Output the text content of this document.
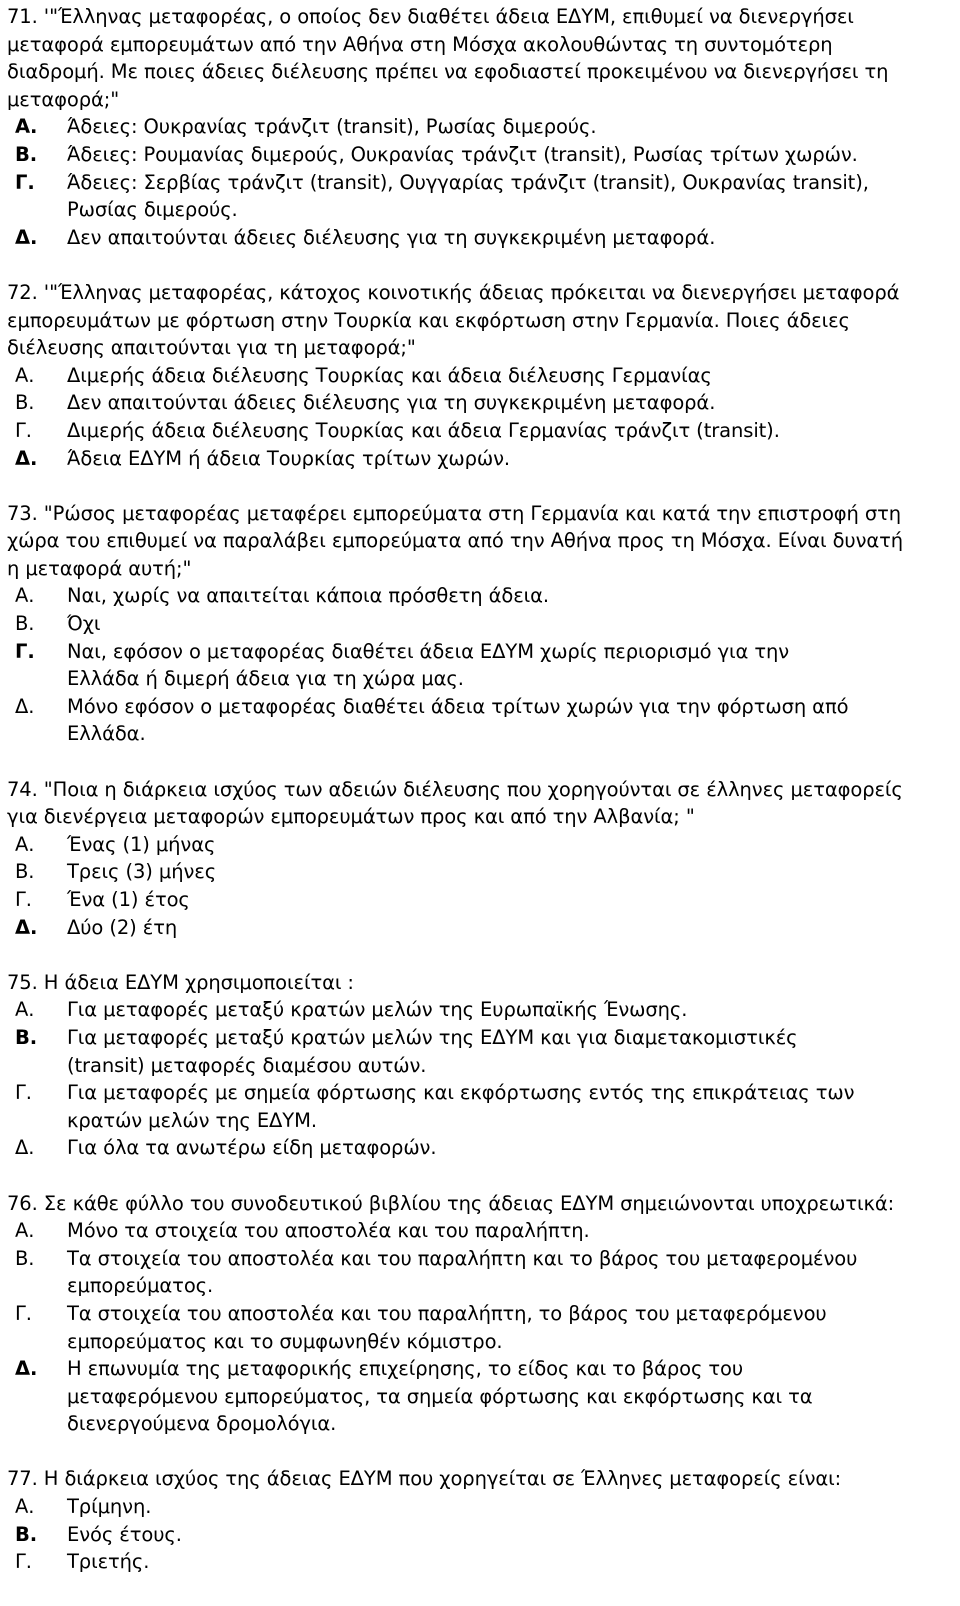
71. '"Έλληνας μεταφορέας, ο οποίος δεν διαθέτει άδεια ΕΔΥΜ, επιθυμεί να διενεργήσει
μεταφορά εμπορευμάτων από την Αθήνα στη Μόσχα ακολουθώντας τη συντομότερη
διαδρομή. Με ποιες άδειες διέλευσης πρέπει να εφοδιαστεί προκειμένου να διενεργήσει τη
μεταφορά;"

Α.	Άδειες: Ουκρανίας τράνζιτ (transit), Ρωσίας διμερούς.
Β.	Άδειες: Ρουμανίας διμερούς, Ουκρανίας τράνζιτ (transit), Ρωσίας τρίτων χωρών.
Γ.	Άδειες: Σερβίας τράνζιτ (transit), Ουγγαρίας τράνζιτ (transit), Ουκρανίας transit),
Ρωσίας διμερούς.
Δ.	Δεν απαιτούνται άδειες διέλευσης για τη συγκεκριμένη μεταφορά.

72. '"Έλληνας μεταφορέας, κάτοχος κοινοτικής άδειας πρόκειται να διενεργήσει μεταφορά
εμπορευμάτων με φόρτωση στην Τουρκία και εκφόρτωση στην Γερμανία. Ποιες άδειες
διέλευσης απαιτούνται για τη μεταφορά;"

Α.	Διμερής άδεια διέλευσης Τουρκίας και άδεια διέλευσης Γερμανίας
Β.	Δεν απαιτούνται άδειες διέλευσης για τη συγκεκριμένη μεταφορά.
Γ.	Διμερής άδεια διέλευσης Τουρκίας και άδεια Γερμανίας τράνζιτ (transit).
Δ.	Άδεια ΕΔΥΜ ή άδεια Τουρκίας τρίτων χωρών.

73. "Ρώσος μεταφορέας μεταφέρει εμπορεύματα στη Γερμανία και κατά την επιστροφή στη
χώρα του επιθυμεί να παραλάβει εμπορεύματα από την Αθήνα προς τη Μόσχα. Είναι δυνατή
η μεταφορά αυτή;"

Α.	Ναι, χωρίς να απαιτείται κάποια πρόσθετη άδεια.
Β.	Όχι
Γ.	Ναι, εφόσον ο μεταφορέας διαθέτει άδεια ΕΔΥΜ χωρίς περιορισμό για την
Ελλάδα ή διμερή άδεια για τη χώρα μας.
Δ.	Μόνο εφόσον ο μεταφορέας διαθέτει άδεια τρίτων χωρών για την φόρτωση από
Ελλάδα.

74. "Ποια η διάρκεια ισχύος των αδειών διέλευσης που χορηγούνται σε έλληνες μεταφορείς
για διενέργεια μεταφορών εμπορευμάτων προς και από την Αλβανία; "

Α.	Ένας (1) μήνας
Β.	Τρεις (3) μήνες
Γ.	Ένα (1) έτος
Δ.	Δύο (2) έτη

75. Η άδεια ΕΔΥΜ χρησιμοποιείται :

Α.	Για μεταφορές μεταξύ κρατών μελών της Ευρωπαϊκής Ένωσης.
Β.	Για μεταφορές μεταξύ κρατών μελών της ΕΔΥΜ και για διαμετακομιστικές
(transit) μεταφορές διαμέσου αυτών.
Γ.	Για μεταφορές με σημεία φόρτωσης και εκφόρτωσης εντός της επικράτειας των
κρατών μελών της ΕΔΥΜ.
Δ.	Για όλα τα ανωτέρω είδη μεταφορών.

76. Σε κάθε φύλλο του συνοδευτικού βιβλίου της άδειας ΕΔΥΜ σημειώνονται υποχρεωτικά:

Α.	Μόνο τα στοιχεία του αποστολέα και του παραλήπτη.
Β.	Τα στοιχεία του αποστολέα και του παραλήπτη και το βάρος του μεταφερομένου
εμπορεύματος.
Γ.	Τα στοιχεία του αποστολέα και του παραλήπτη, το βάρος του μεταφερόμενου
εμπορεύματος και το συμφωνηθέν κόμιστρο.
Δ.	Η επωνυμία της μεταφορικής επιχείρησης, το είδος και το βάρος του
μεταφερόμενου εμπορεύματος, τα σημεία φόρτωσης και εκφόρτωσης και τα
διενεργούμενα δρομολόγια.

77. Η διάρκεια ισχύος της άδειας ΕΔΥΜ που χορηγείται σε Έλληνες μεταφορείς είναι:

Α.	Τρίμηνη.
Β.	Ενός έτους.
Γ.	Τριετής.
